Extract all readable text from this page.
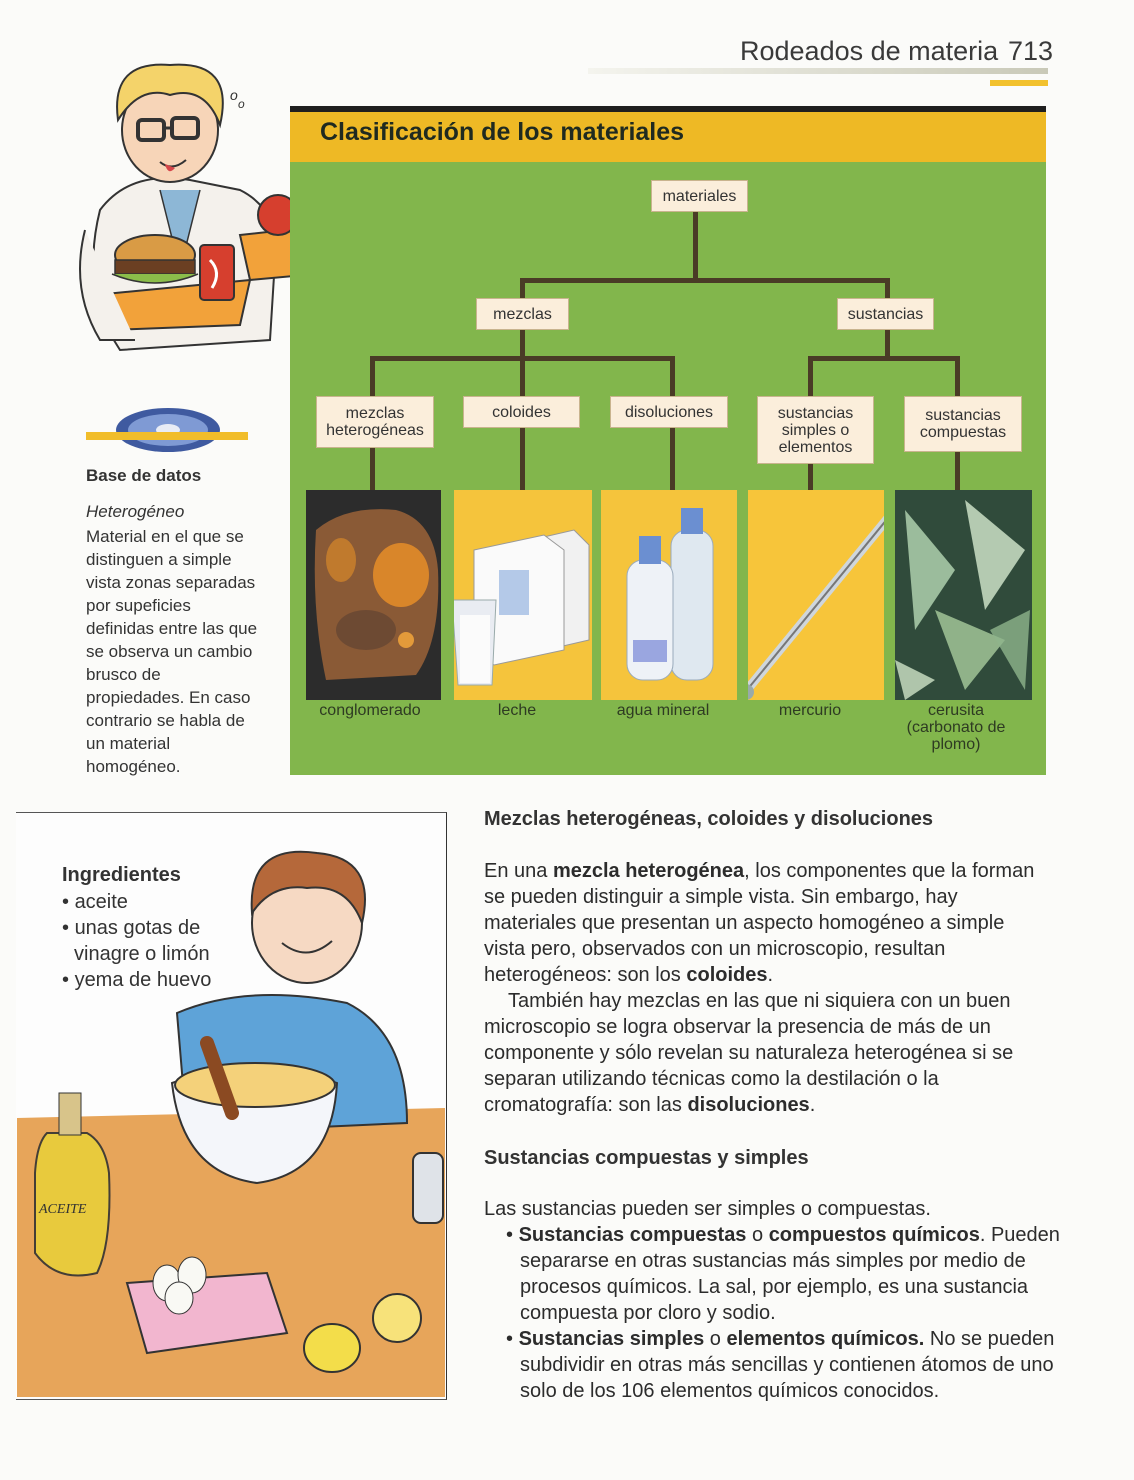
Rodeados de materia 713
o
o
Base de datos
Heterogéneo
Material en el que se distinguen a simple vista zonas separadas por supeficies definidas entre las que se observa un cambio brusco de propiedades. En caso contrario se habla de un material homogéneo.
Clasificación de los materiales
materiales
mezclas	sustancias
mezclas heterogéneas
coloides	disoluciones	sustancias simples o elementos
sustancias compuestas
conglomerado	leche	agua mineral	mercurio	cerusita (carbonato de plomo)
ACEITE
Ingredientes
• aceite
• unas gotas de vinagre o limón
• yema de huevo
Mezclas heterogéneas, coloides y disoluciones

En una mezcla heterogénea, los componentes que la forman se pueden distinguir a simple vista. Sin embargo, hay materiales que presentan un aspecto homogéneo a simple vista pero, observados con un microscopio, resultan heterogéneos: son los coloides.

También hay mezclas en las que ni siquiera con un buen microscopio se logra observar la presencia de más de un componente y sólo revelan su naturaleza heterogénea si se separan utilizando técnicas como la destilación o la cromatografía: son las disoluciones.

Sustancias compuestas y simples
Las sustancias pueden ser simples o compuestas.
• Sustancias compuestas o compuestos químicos. Pueden separarse en otras sustancias más simples por medio de procesos químicos. La sal, por ejemplo, es una sustancia compuesta por cloro y sodio.
• Sustancias simples o elementos químicos. No se pueden subdividir en otras más sencillas y contienen átomos de uno solo de los 106 elementos químicos conocidos.
